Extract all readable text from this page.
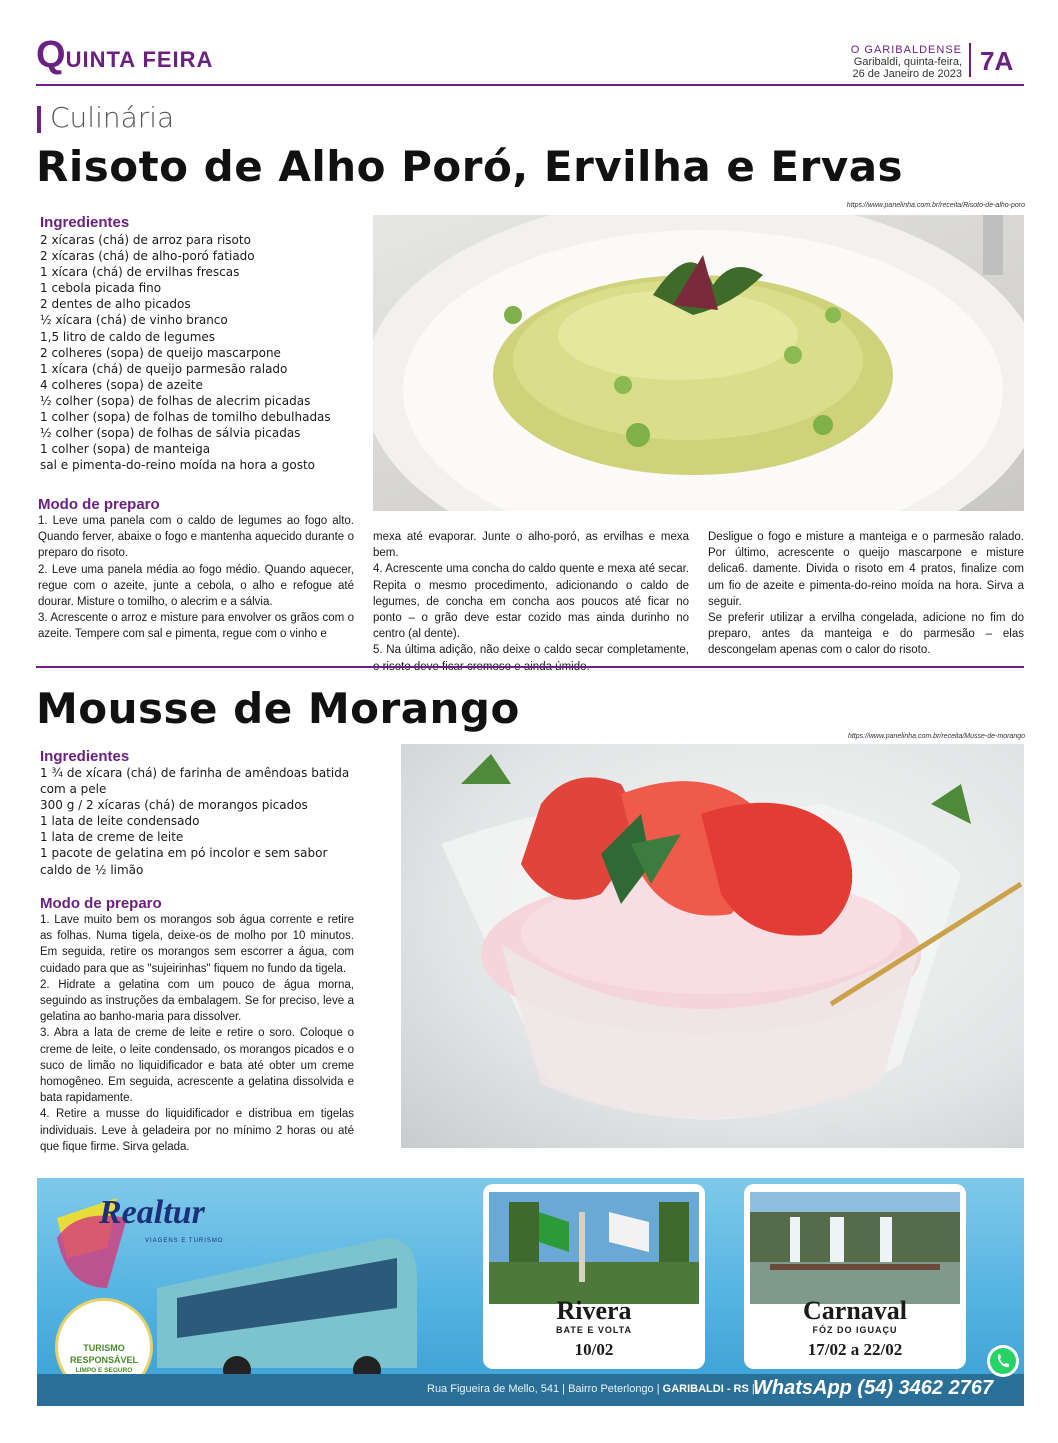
QUINTA FEIRA	O GARIBALDENSE
Garibaldi, quinta-feira,
26 de Janeiro de 2023 7A
Culinária
Risoto de Alho Poró, Ervilha e Ervas
https://www.panelinha.com.br/receita/Risoto-de-alho-poro
Ingredientes
2 xícaras (chá) de arroz para risoto
2 xícaras (chá) de alho-poró fatiado
1 xícara (chá) de ervilhas frescas
1 cebola picada fino
2 dentes de alho picados
½ xícara (chá) de vinho branco
1,5 litro de caldo de legumes
2 colheres (sopa) de queijo mascarpone
1 xícara (chá) de queijo parmesão ralado
4 colheres (sopa) de azeite
½ colher (sopa) de folhas de alecrim picadas
1 colher (sopa) de folhas de tomilho debulhadas
½ colher (sopa) de folhas de sálvia picadas
1 colher (sopa) de manteiga
sal e pimenta-do-reino moída na hora a gosto
Modo de preparo

1. Leve uma panela com o caldo de legumes ao fogo alto. Quando ferver, abaixe o fogo e mantenha aquecido durante o preparo do risoto.

2. Leve uma panela média ao fogo médio. Quando aquecer, regue com o azeite, junte a cebola, o alho e refogue até dourar. Misture o tomilho, o alecrim e a sálvia.

3. Acrescente o arroz e misture para envolver os grãos com o azeite. Tempere com sal e pimenta, regue com o vinho e

mexa até evaporar. Junte o alho-poró, as ervilhas e mexa bem.

4. Acrescente uma concha do caldo quente e mexa até secar. Repita o mesmo procedimento, adicionando o caldo de legumes, de concha em concha aos poucos até ficar no ponto – o grão deve estar cozido mas ainda durinho no centro (al dente).

5. Na última adição, não deixe o caldo secar completamente,

Desligue o fogo e misture a manteiga e o parmesão ralado. Por último, acrescente o queijo mascarpone e misture delica6. damente. Divida o risoto em 4 pratos, finalize com um fio de azeite e pimenta-do-reino moída na hora. Sirva a seguir.

Se preferir utilizar a ervilha congelada, adicione no fim do preparo, antes da manteiga e do parmesão – elas descongelam apenas com o calor do risoto.

Mousse de Morango
https://www.panelinha.com.br/receita/Musse-de-morango
Ingredientes
1 ¾ de xícara (chá) de farinha de amêndoas batida com a pele
300 g / 2 xícaras (chá) de morangos picados
1 lata de leite condensado
1 lata de creme de leite
1 pacote de gelatina em pó incolor e sem sabor
caldo de ½ limão
Modo de preparo

1. Lave muito bem os morangos sob água corrente e retire as folhas. Numa tigela, deixe-os de molho por 10 minutos. Em seguida, retire os morangos sem escorrer a água, com cuidado para que as "sujeirinhas" fiquem no fundo da tigela.

2. Hidrate a gelatina com um pouco de água morna, seguindo as instruções da embalagem. Se for preciso, leve a gelatina ao banho-maria para dissolver.

3. Abra a lata de creme de leite e retire o soro. Coloque o creme de leite, o leite condensado, os morangos picados e o suco de limão no liquidificador e bata até obter um creme homogêneo. Em seguida, acrescente a gelatina dissolvida e bata rapidamente.

4. Retire a musse do liquidificador e distribua em tigelas individuais. Leve à geladeira por no mínimo 2 horas ou até que fique firme. Sirva gelada.

Realtur
VIAGENS E TURISMO
TURISMO
RESPONSÁVEL
LIMPO E SEGURO
Rivera
BATE E VOLTA
10/02
Carnaval
FÓZ DO IGUAÇU
17/02 a 22/02
Rua Figueira de Mello, 541 | Bairro Peterlongo | GARIBALDI - RS |
WhatsApp (54) 3462 2767
